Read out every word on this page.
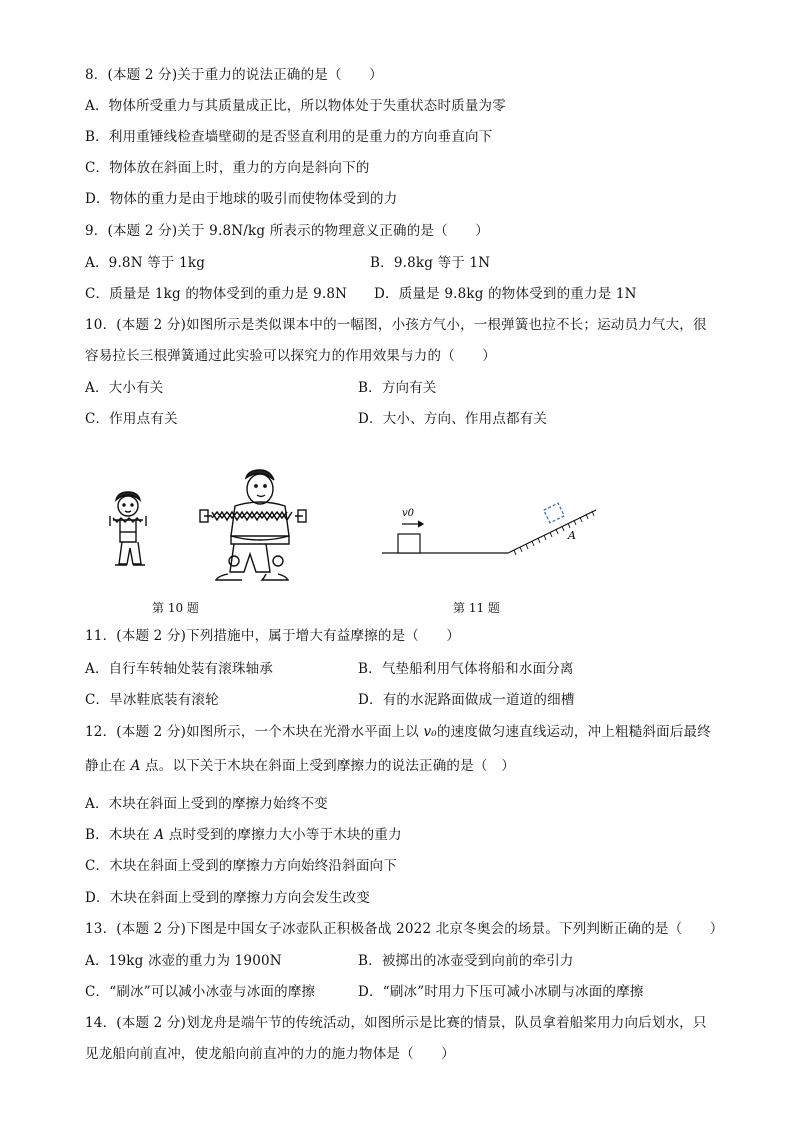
8．(本题 2 分)关于重力的说法正确的是（　　）
A．物体所受重力与其质量成正比，所以物体处于失重状态时质量为零
B．利用重锤线检查墙壁砌的是否竖直利用的是重力的方向垂直向下
C．物体放在斜面上时，重力的方向是斜向下的
D．物体的重力是由于地球的吸引而使物体受到的力
9．(本题 2 分)关于 9.8N/kg 所表示的物理意义正确的是（　　）
A．9.8N 等于 1kg	B．9.8kg 等于 1N
C．质量是 1kg 的物体受到的重力是 9.8N D．质量是 9.8kg 的物体受到的重力是 1N
10．(本题 2 分)如图所示是类似课本中的一幅图，小孩方气小，一根弹簧也拉不长；运动员力气大，很
容易拉长三根弹簧通过此实验可以探究力的作用效果与力的（　　）
A．大小有关	B．方向有关
C．作用点有关	D．大小、方向、作用点都有关
v0
A
第 10 题	第 11 题
11．(本题 2 分)下列措施中，属于增大有益摩擦的是（　　）
A．自行车转轴处装有滚珠轴承	B．气垫船利用气体将船和水面分离
C．旱冰鞋底装有滚轮	D．有的水泥路面做成一道道的细槽
12．(本题 2 分)如图所示，一个木块在光滑水平面上以 v₀的速度做匀速直线运动，冲上粗糙斜面后最终
静止在 A 点。以下关于木块在斜面上受到摩擦力的说法正确的是（　）
A．木块在斜面上受到的摩擦力始终不变
B．木块在 A 点时受到的摩擦力大小等于木块的重力
C．木块在斜面上受到的摩擦力方向始终沿斜面向下
D．木块在斜面上受到的摩擦力方向会发生改变
13．(本题 2 分)下图是中国女子冰壶队正积极备战 2022 北京冬奥会的场景。下列判断正确的是（　　）
A．19kg 冰壶的重力为 1900N	B．被掷出的冰壶受到向前的牵引力
C．“刷冰”可以减小冰壶与冰面的摩擦	D．“刷冰”时用力下压可减小冰刷与冰面的摩擦
14．(本题 2 分)划龙舟是端午节的传统活动，如图所示是比赛的情景，队员拿着船桨用力向后划水，只
见龙船向前直冲，使龙船向前直冲的力的施力物体是（　　）
